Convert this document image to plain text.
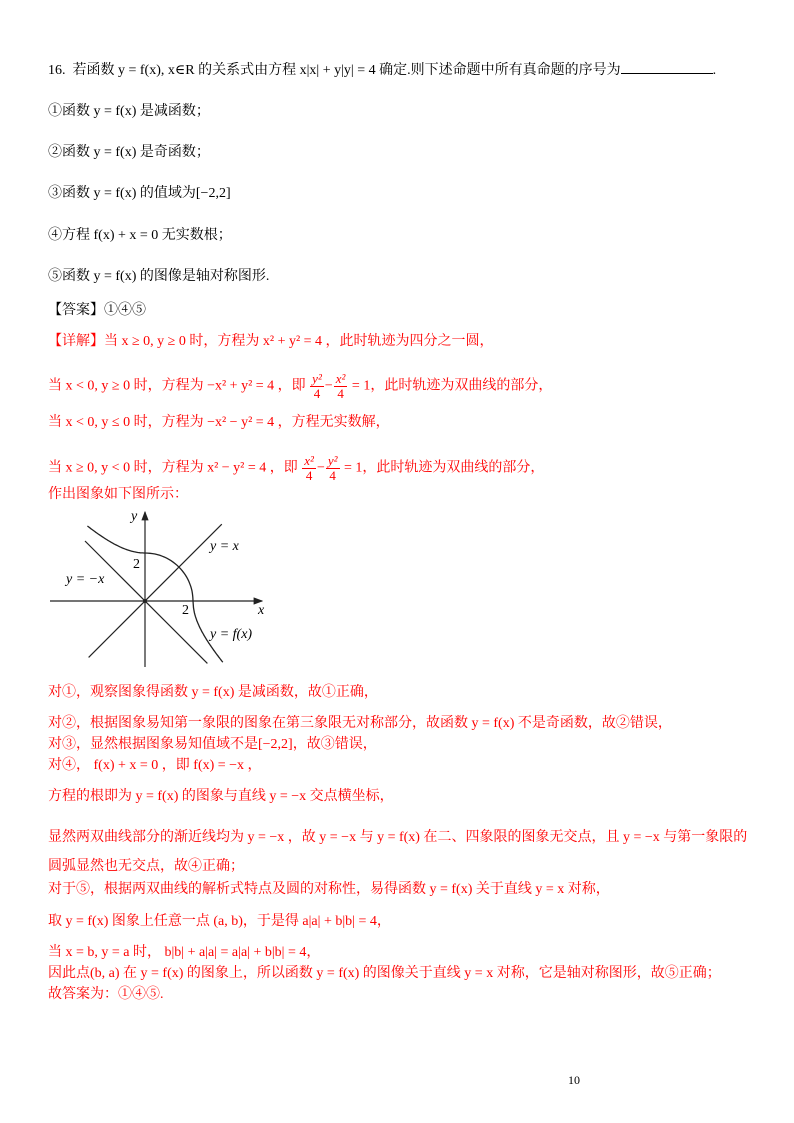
16. 若函数 y = f(x), x∈R 的关系式由方程 x|x| + y|y| = 4 确定.则下述命题中所有真命题的序号为	.
①函数 y = f(x) 是减函数；
②函数 y = f(x) 是奇函数；
③函数 y = f(x) 的值域为[−2,2]
④方程 f(x) + x = 0 无实数根；
⑤函数 y = f(x) 的图像是轴对称图形.
【答案】①④⑤
【详解】当 x ≥ 0, y ≥ 0 时，方程为 x² + y² = 4 ，此时轨迹为四分之一圆，
当 x < 0, y ≥ 0 时，方程为 −x² + y² = 4 ，即 $\frac{\text{y²}}{4} - \frac{\text{x²}}{4} = 1$，此时轨迹为双曲线的部分，
当 x < 0, y ≤ 0 时，方程为 −x² − y² = 4 ，方程无实数解，
当 x ≥ 0, y < 0 时，方程为 x² − y² = 4 ，即 $\frac{\text{x²}}{4} - \frac{\text{y²}}{4} = 1$，此时轨迹为双曲线的部分，
作出图象如下图所示：
x
y
2
2
y = x
y = −x
y = f(x)
对①，观察图象得函数 y = f(x) 是减函数，故①正确，
对②，根据图象易知第一象限的图象在第三象限无对称部分，故函数 y = f(x) 不是奇函数，故②错误，
对③，显然根据图象易知值域不是[−2,2]，故③错误，
对④， f(x) + x = 0 ，即 f(x) = −x ，
方程的根即为 y = f(x) 的图象与直线 y = −x 交点横坐标，
显然两双曲线部分的渐近线均为 y = −x ，故 y = −x 与 y = f(x) 在二、四象限的图象无交点，且 y = −x 与第一象限的
圆弧显然也无交点，故④正确；
对于⑤，根据两双曲线的解析式特点及圆的对称性，易得函数 y = f(x) 关于直线 y = x 对称，
取 y = f(x) 图象上任意一点 (a, b)，于是得 a|a| + b|b| = 4，
当 x = b, y = a 时， b|b| + a|a| = a|a| + b|b| = 4，
因此点(b, a) 在 y = f(x) 的图象上，所以函数 y = f(x) 的图像关于直线 y = x 对称，它是轴对称图形，故⑤正确；
故答案为：①④⑤.
10
